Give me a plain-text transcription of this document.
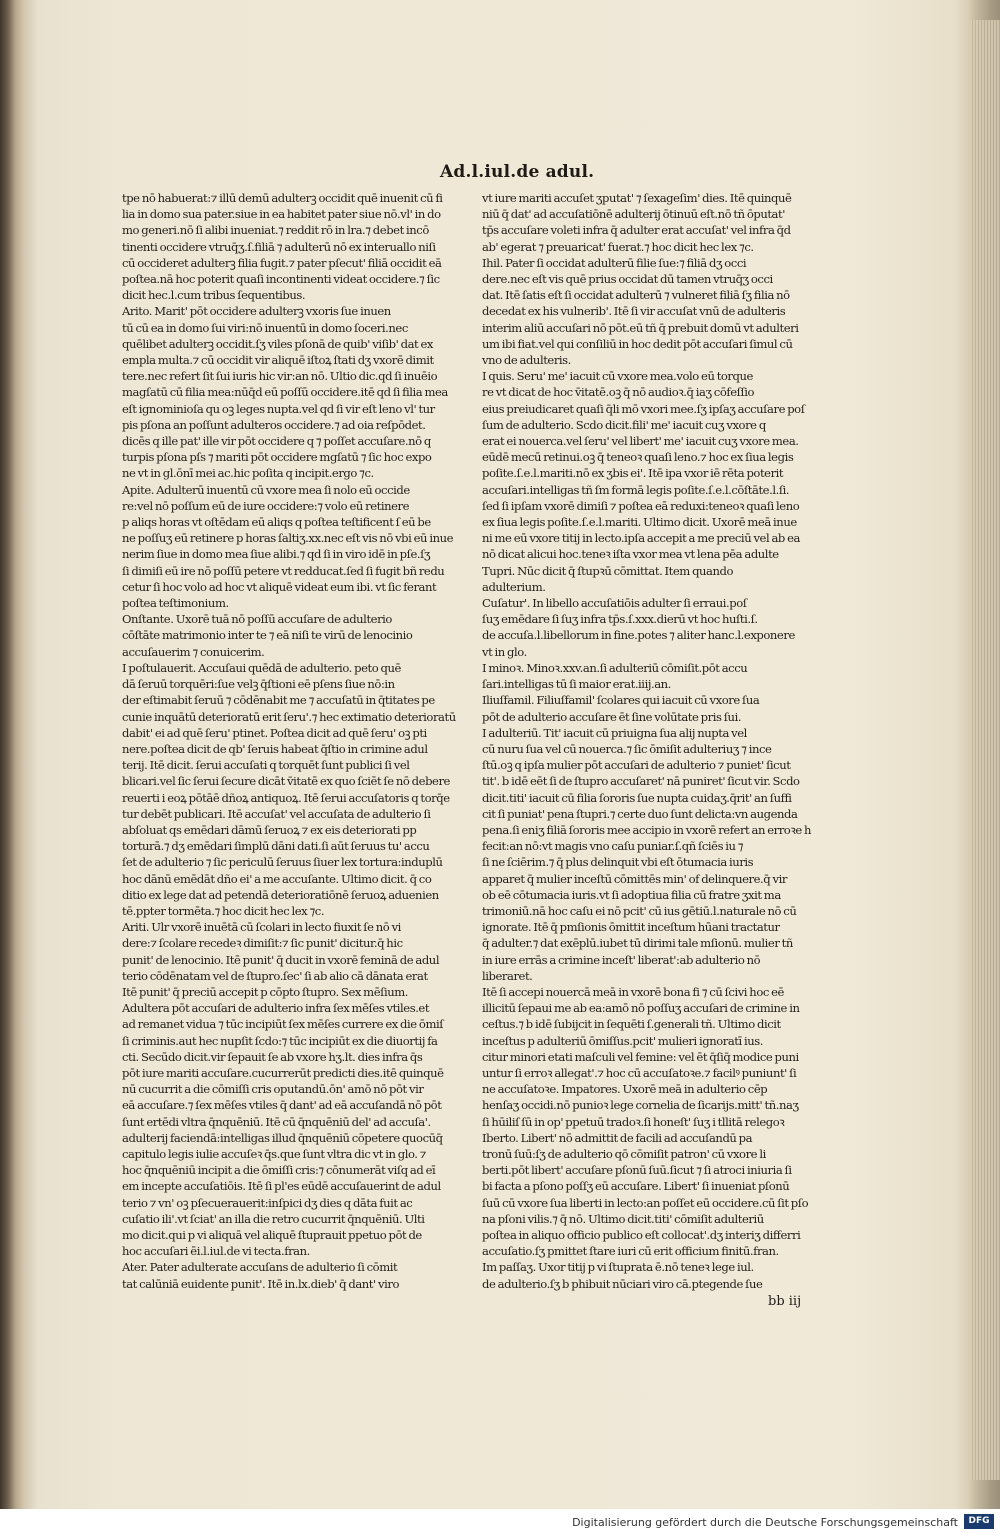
Ad.l.iul.de adul.

tpe nō habuerat:⁊ illū demū adulterꝫ occidit quē inuenit cū fi

lia in domo sua pater.siue in ea habitet pater siue nō.vl' in do

mo generi.nō ſi alibi inueniat.⁊ reddit rō in lra.⁊ debet incō

tinenti occidere vtruq̄ʒ.ſ.filiā ⁊ adulterū nō ex interuallo niſi

cū occideret adulterꝫ filia fugit.⁊ pater pſecut' filiā occidit eā

poſtea.nā hoc poterit quaſi incontinenti videat occidere.⁊ ſic

dicit hec.l.cum tribus ſequentibus.

Arito. Marit' pōt occidere adulterꝫ vxoris ſue inuen

tū cū ea in domo ſui viri:nō inuentū in domo ſoceri.nec

quēlibet adulterꝫ occidit.ſʒ viles pſonā de quib' viſib' dat ex

empla multa.⁊ cū occidit vir aliquē iſtoꝝ ſtati dʒ vxorē dimit

tere.nec refert ſit ſui iuris hic vir:an nō. Ultio dic.qd ſi inuēio

magſatū cū filia mea:nūq̄d eū poſſū occidere.itē qd ſi filia mea

eſt ignominioſa qu oꝫ leges nupta.vel qd ſi vir eſt leno vl' tur

pis pſona an poſſunt adulteros occidere.⁊ ad oia reſpōdet.

dicēs q ille pat' ille vir pōt occidere q ⁊ poſſet accuſare.nō q

turpis pſona pſs ⁊ mariti pōt occidere mgſatū ⁊ ſic hoc expo

ne vt in gl.ōnī mei ac.hic poſita q incipit.ergo ⁊c.

Apite. Adulterū inuentū cū vxore mea ſi nolo eū occide

re:vel nō poſſum eū de iure occidere:⁊ volo eū retinere

p aliqs horas vt oſtēdam eū aliqs q poſtea teſtificent ſ eū be

ne poſſuʒ eū retinere p horas ſaltiʒ.xx.nec eſt vis nō vbi eū inue

nerim ſiue in domo mea ſiue alibi.⁊ qd ſi in viro idē in pſe.ſʒ

ſi dimiſi eū ire nō poſſū petere vt redducat.ſed ſi fugit bñ redu

cetur ſi hoc volo ad hoc vt aliquē videat eum ibi. vt ſic ferant

poſtea teſtimonium.

Onſtante. Uxorē tuā nō poſſū accuſare de adulterio

cōſtāte matrimonio inter te ⁊ eā niſi te virū de lenocinio

accuſauerim ⁊ conuicerim.

I poſtulauerit. Accuſaui quēdā de adulterio. peto quē

dā ſeruū torquēri:ſue velꝫ q̄ſtioni eē pſens ſiue nō:in

der eſtimabit ſeruū ⁊ cōdēnabit me ⁊ accuſatū in q̄titates pe

cunie inquātū deterioratū erit ſeru'.⁊ hec extimatio deterioratū

dabit' ei ad quē ſeru' ptinet. Poſtea dicit ad quē ſeru' oꝫ pti

nere.poſtea dicit de qb' ſeruis habeat q̄ſtio in crimine adul

terij. Itē dicit. ſerui accuſati q torquēt ſunt publici ſi vel

blicari.vel ſic ſerui ſecure dicāt v̄itatē ex quo ſciēt ſe nō debere

reuerti i eoꝝ pōtāē dñoꝝ antiquoꝝ. Itē ſerui accuſatoris q torq̄e

tur debēt publicari. Itē accuſat' vel accuſata de adulterio ſi

abſoluat qs emēdari dāmū ſeruoꝝ ⁊ ex eis deteriorati pp

torturā.⁊ dʒ emēdari ſimplū dāni dati.ſi aūt ſeruus tu' accu

ſet de adulterio ⁊ ſic periculū ſeruus ſiuer lex tortura:induplū

hoc dānū emēdāt dño ei' a me accuſante. Ultimo dicit. q̄ co

ditio ex lege dat ad petendā deterioratiōnē ſeruoꝝ aduenien

tē.ppter tormēta.⁊ hoc dicit hec lex ⁊c.

Ariti. Ulr vxorē inuētā cū ſcolari in lecto fiuxit ſe nō vi

dere:⁊ ſcolare recedeꝛ dimiſit:⁊ ſic punit' dicitur.q̄ hic

punit' de lenocinio. Itē punit' q̄ ducit in vxorē feminā de adul

terio cōdēnatam vel de ſtupro.ſec' ſi ab alio cā dānata erat

Itē punit' q̄ preciū accepit p cōpto ſtupro. Sex mēſium.

Adultera pōt accuſari de adulterio infra ſex mēſes vtiles.et

ad remanet vidua ⁊ tūc incipiūt ſex mēſes currere ex die ōmiſ

ſi criminis.aut hec nupſit ſcdo:⁊ tūc incipiūt ex die diuortij fa

cti. Secūdo dicit.vir ſepauit ſe ab vxore hʒ.lt. dies infra q̄s

pōt iure mariti accuſare.cucurrerūt predicti dies.itē quinquē

nū cucurrit a die cōmiſſi cris oputandū.ōn' amō nō pōt vir

eā accuſare.⁊ ſex mēſes vtiles q̄ dant' ad eā accuſandā nō pōt

ſunt ertēdi vltra q̄nquēniū. Itē cū q̄nquēniū del' ad accuſa'.

adulterij faciendā:intelligas illud q̄nquēniū cōpetere quocūq̄

capitulo legis iulie accuſeꝛ q̄s.que ſunt vltra dic vt in glo. ⁊

hoc q̄nquēniū incipit a die ōmiſſi cris:⁊ cōnumerāt viſq ad eī

em incepte accuſatiōis. Itē ſi pl'es eūdē accuſauerint de adul

terio ⁊ vn' oꝫ pſecuerauerit:inſpici dʒ dies q dāta fuit ac

cuſatio ili'.vt ſciat' an illa die retro cucurrit q̄nquēniū. Ulti

mo dicit.qui p vi aliquā vel aliquē ſtuprauit ppetuo pōt de

hoc accuſari ēi.l.iul.de vi tecta.fran.

Ater. Pater adulterate accuſans de adulterio ſi cōmit

tat calūniā euidente punit'. Itē in.lx.dieb' q̄ dant' viro

vt iure mariti accuſet ʒputat' ⁊ ſexageſim' dies. Itē quinquē

niū q̄ dat' ad accuſatiōnē adulterij ōtinuū eſt.nō tñ ōputat'

tp̄s accuſare voleti infra q̄ adulter erat accuſat' vel infra q̄d

ab' egerat ⁊ preuaricat' fuerat.⁊ hoc dicit hec lex ⁊c.

Ihil. Pater ſi occidat adulterū filie ſue:⁊ filiā dʒ occi

dere.nec eſt vis quē prius occidat dū tamen vtruq̄ʒ occi

dat. Itē ſatis eſt ſi occidat adulterū ⁊ vulneret filiā ſʒ filia nō

decedat ex his vulnerib'. Itē ſi vir accuſat vnū de adulteris

interim aliū accuſari nō pōt.eū tñ q̄ prebuit domū vt adulteri

um ibi fiat.vel qui conſiliū in hoc dedit pōt accuſari ſimul cū

vno de adulteris.

I quis. Seru' me' iacuit cū vxore mea.volo eū torque

re vt dicat de hoc v̄itatē.oꝫ q̄ nō audioꝛ.q̄ iaʒ cōfeſſio

eius preiudicaret quaſi q̄li mō vxori mee.ſʒ ipſaʒ accuſare poſ

ſum de adulterio. Scdo dicit.fili' me' iacuit cuʒ vxore q

erat ei nouerca.vel ſeru' vel libert' me' iacuit cuʒ vxore mea.

eūdē mecū retinui.oꝫ q̄ teneoꝛ quaſi leno.⁊ hoc ex ſiua legis

poſite.ſ.e.l.mariti.nō ex ʒbis ei'. Itē ipa vxor iē rēta poterit

accuſari.intelligas tñ ſm formā legis poſite.ſ.e.l.cōſtāte.l.ſi.

ſed ſi ipſam vxorē dimiſi ⁊ poſtea eā reduxi:teneoꝛ quaſi leno

ex ſiua legis poſite.ſ.e.l.mariti. Ultimo dicit. Uxorē meā inue

ni me eū vxore titij in lecto.ipſa accepit a me preciū vel ab ea

nō dicat alicui hoc.teneꝛ iſta vxor mea vt lena pēa adulte

Tupri. Nūc dicit q̄ ſtupꝛū cōmittat. Item quando

adulterium.

Cuſatur'. In libello accuſatiōis adulter ſi erraui.poſ

ſuʒ emēdare ſi ſuʒ infra tp̄s.ſ.xxx.dierū vt hoc huſti.ſ.

de accuſa.l.libellorum in fine.potes ⁊ aliter hanc.l.exponere

vt in glo.

I minoꝛ. Minoꝛ.xxv.an.ſi adulteriū cōmiſit.pōt accu

ſari.intelligas tū ſi maior erat.iiij.an.

Iliuſfamil. Filiuſfamil' ſcolares qui iacuit cū vxore ſua

pōt de adulterio accuſare ēt ſine volūtate pris ſui.

I adulteriū. Tit' iacuit cū priuigna ſua alij nupta vel

cū nuru ſua vel cū nouerca.⁊ ſic ōmiſit adulteriuʒ ⁊ ince

ſtū.oꝫ q ipſa mulier pōt accuſari de adulterio ⁊ puniet' ſicut

tit'. b idē eēt ſi de ſtupro accuſaret' nā puniret' ſicut vir. Scdo

dicit.titi' iacuit cū filia ſororis ſue nupta cuidaʒ.q̄rit' an ſuffi

cit ſi puniat' pena ſtupri.⁊ certe duo ſunt delicta:vn augenda

pena.ſi eniʒ filiā ſororis mee accipio in vxorē refert an erroꝛe h

fecit:an nō:vt magis vno caſu puniar.ſ.qñ ſciēs iu ⁊

ſi ne ſciērim.⁊ q̄ plus delinquit vbi eſt ōtumacia iuris

apparet q̄ mulier inceſtū cōmittēs min' of delinquere.q̄ vir

ob eē cōtumacia iuris.vt ſi adoptiua filia cū fratre ʒxit ma

trimoniū.nā hoc caſu ei nō pcit' cū ius gētiū.l.naturale nō cū

ignorate. Itē q̄ pmſionis ōmittit inceſtum hūani tractatur

q̄ adulter.⁊ dat exēplū.iubet tū dirimi tale mſionū. mulier tñ

in iure errās a crimine inceſt' liberat':ab adulterio nō liberaret.

Itē ſi accepi nouercā meā in vxorē bona fi ⁊ cū ſcivi hoc eē

illicitū ſepaui me ab ea:amō nō poſſuʒ accuſari de crimine in

ceſtus.⁊ b idē ſubijcit in ſequēti ſ.generali tñ. Ultimo dicit

inceſtus p adulteriū ōmiſſus.pcit' mulieri ignoratī ius.

citur minori etati maſculi vel femine: vel ēt q̄ſiq̄ modice puni

untur ſi erroꝛ allegat'.⁊ hoc cū accuſatoꝛe.⁊ facilꝰ puniunt' ſi

ne accuſatoꝛe. Impatores. Uxorē meā in adulterio cēp

henſaʒ occidi.nō punioꝛ lege cornelia de ſicarijs.mitt' tñ.naʒ

ſi hūiliſ ſū in op' ppetuū tradoꝛ.ſi honeſt' ſuʒ i tllitā relegoꝛ

Iberto. Libert' nō admittit de facili ad accuſandū pa

tronū ſuū:ſʒ de adulterio qō cōmiſit patron' cū vxore li

berti.pōt libert' accuſare pſonū ſuū.ſicut ⁊ ſi atroci iniuria ſi

bi facta a pſono poſſʒ eū accuſare. Libert' ſi inueniat pſonū

ſuū cū vxore ſua liberti in lecto:an poſſet eū occidere.cū ſit pſo

na pſoni vilis.⁊ q̄ nō. Ultimo dicit.titi' cōmiſit adulteriū

poſtea in aliquo officio publico eſt collocat'.dʒ interiʒ differri

accuſatio.ſʒ pmittet ſtare iuri cū erit officium finitū.fran.

Im paſſaʒ. Uxor titij p vi ſtuprata ē.nō teneꝛ lege iul.

de adulterio.ſʒ b phibuit nūciari viro cā.ptegende ſue

bb iij
Digitalisierung gefördert durch die Deutsche Forschungsgemeinschaft	DFG
